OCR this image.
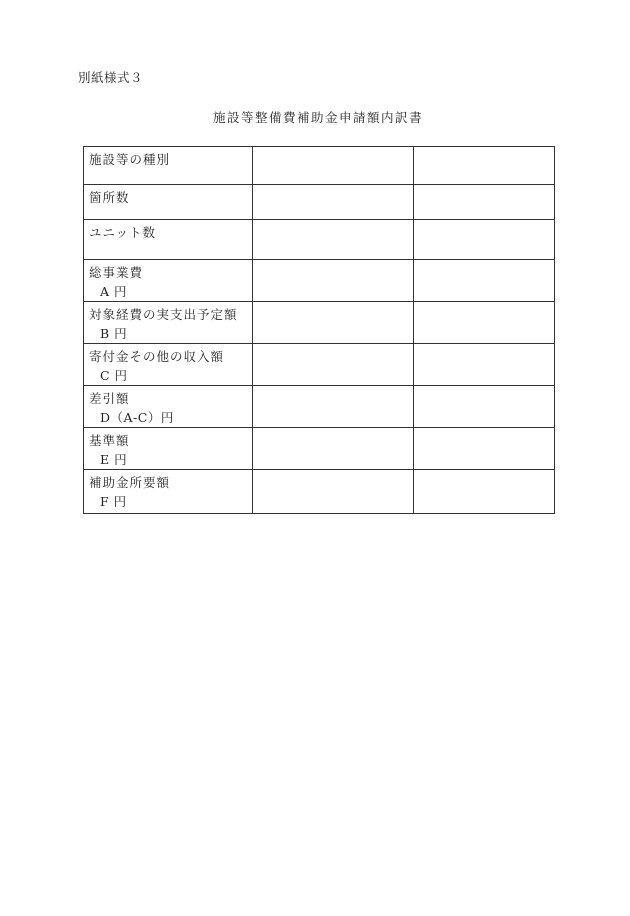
別紙様式３
施設等整備費補助金申請額内訳書
施設等の種別		

箇所数		

ユニット数		

総事業費
A 円		

対象経費の実支出予定額
B 円		

寄付金その他の収入額
C 円		

差引額
D（A-C）円		

基準額
E 円		

補助金所要額
F 円		
